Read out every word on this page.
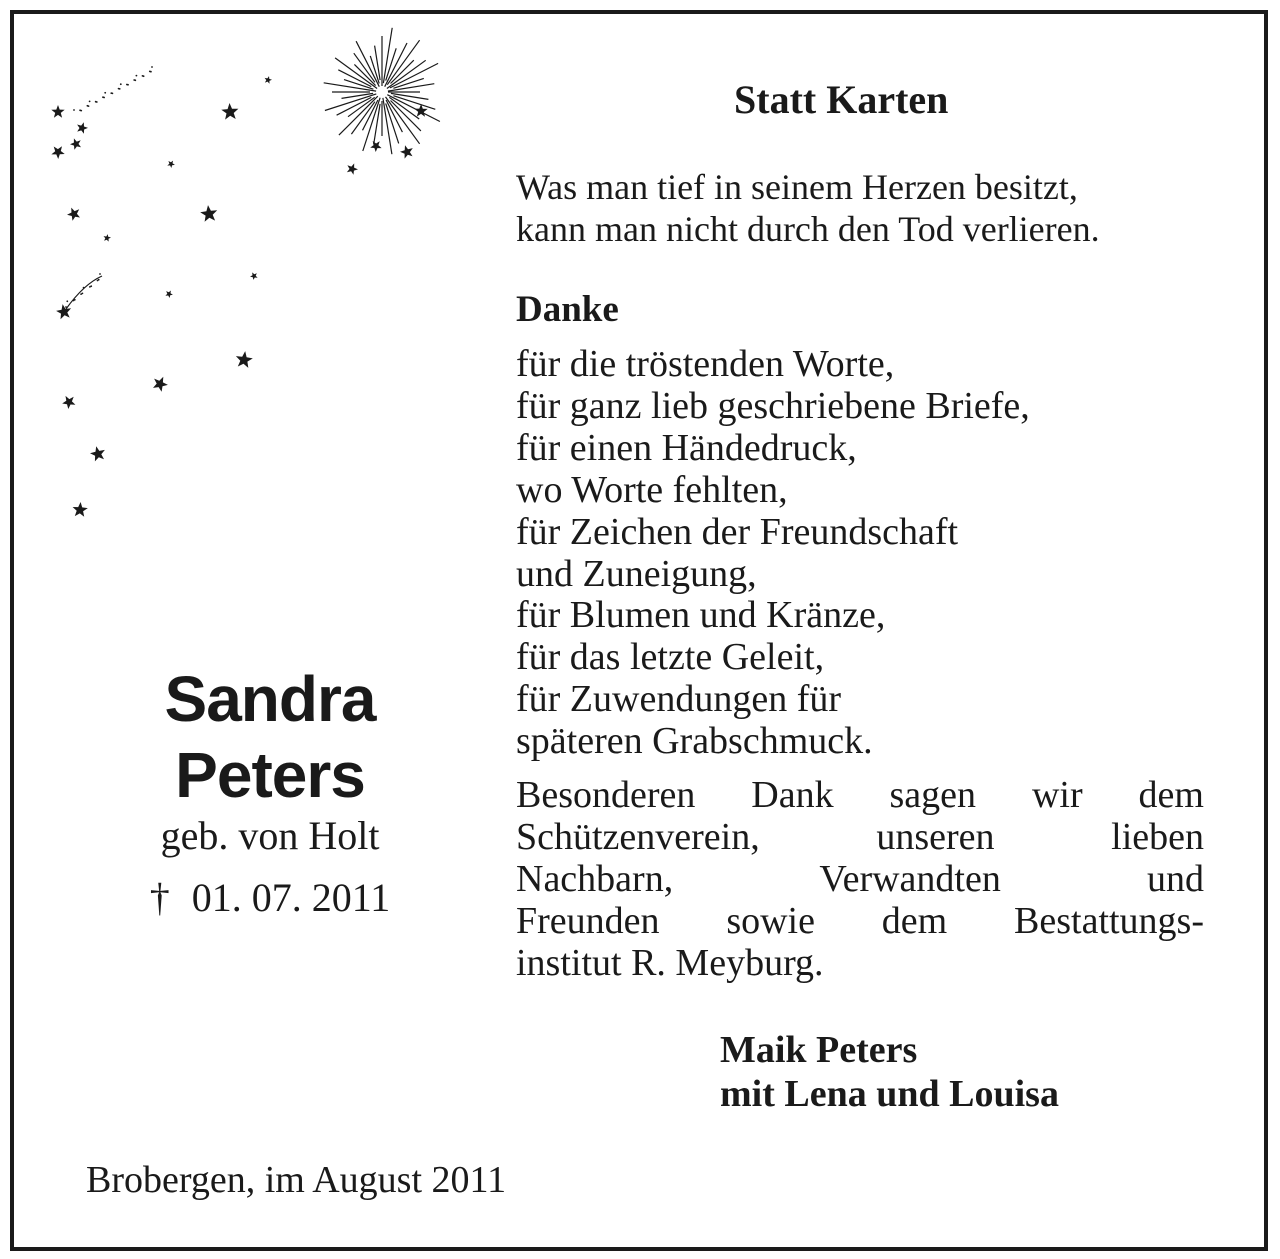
Sandra
Peters
geb. von Holt
† 01. 07. 2011
Statt Karten
Was man tief in seinem Herzen besitzt,
kann man nicht durch den Tod verlieren.
Danke
für die tröstenden Worte,
für ganz lieb geschriebene Briefe,
für einen Händedruck,
wo Worte fehlten,
für Zeichen der Freundschaft
und Zuneigung,
für Blumen und Kränze,
für das letzte Geleit,
für Zuwendungen für
späteren Grabschmuck.
Besonderen Dank sagen wir dem
Schützenverein,	unseren	lieben
Nachbarn,	Verwandten	und
Freunden sowie dem Bestattungs-
institut R. Meyburg.
Maik Peters
mit Lena und Louisa
Brobergen, im August 2011
